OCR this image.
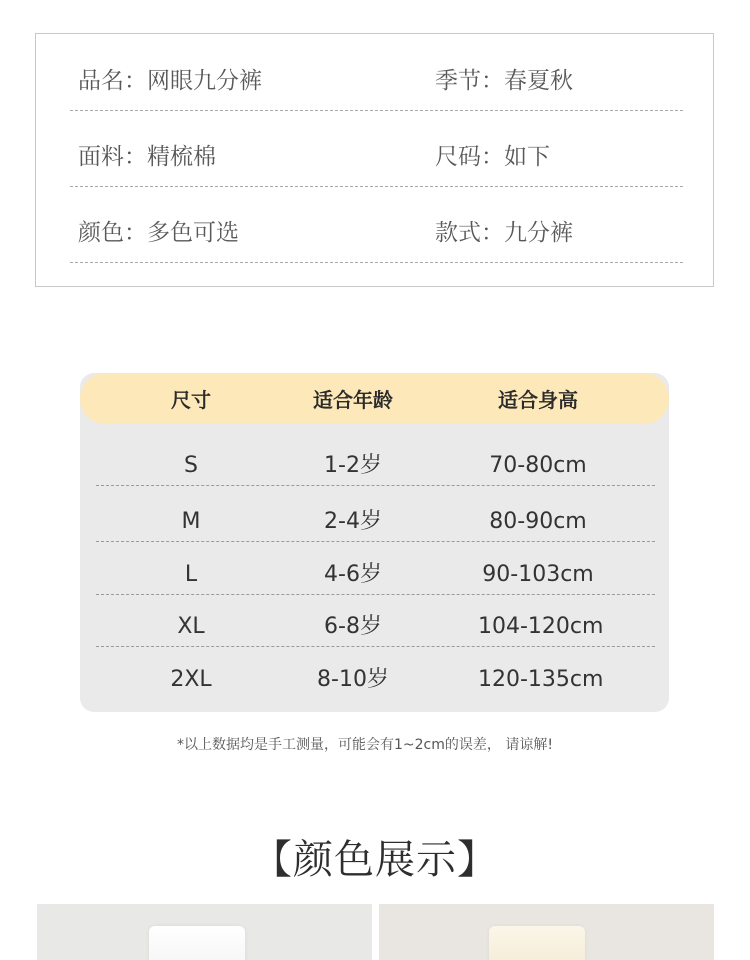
品名：网眼九分裤	季节：春夏秋
面料：精梳棉	尺码：如下
颜色：多色可选	款式：九分裤
尺寸	适合年龄	适合身高
S	1-2岁	70-80cm
M	2-4岁	80-90cm
L	4-6岁	90-103cm
XL	6-8岁	104-120cm
2XL	8-10岁	120-135cm
*以上数据均是手工测量，可能会有1~2cm的误差， 请谅解!
【颜色展示】
